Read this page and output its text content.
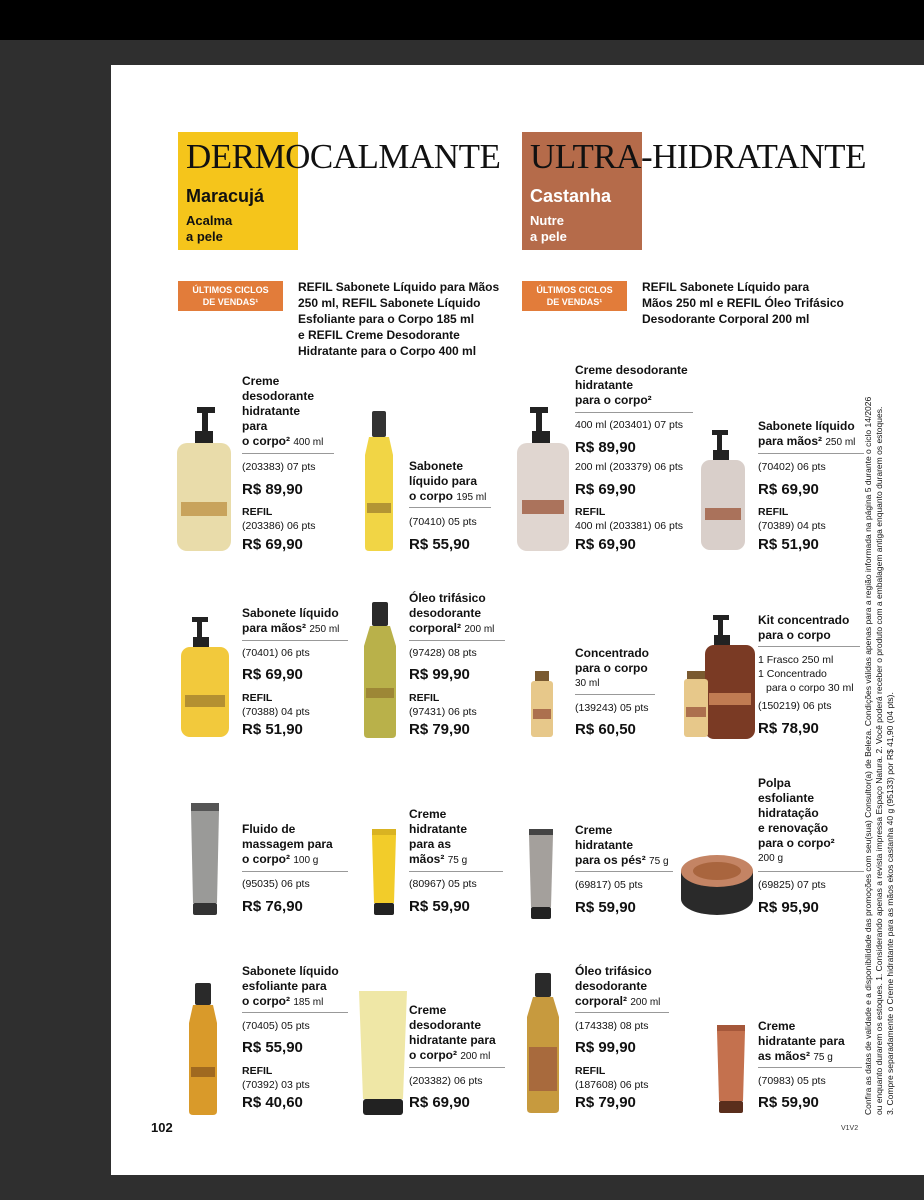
DERMOCALMANTE
Maracujá
Acalma
a pele
ÚLTIMOS CICLOS
DE VENDAS¹
REFIL Sabonete Líquido para Mãos
250 ml, REFIL Sabonete Líquido
Esfoliante para o Corpo 185 ml
e REFIL Creme Desodorante
Hidratante para o Corpo 400 ml
ULTRA-HIDRATANTE
Castanha
Nutre
a pele
ÚLTIMOS CICLOS
DE VENDAS¹
REFIL Sabonete Líquido para
Mãos 250 ml e REFIL Óleo Trifásico
Desodorante Corporal 200 ml
Creme
desodorante
hidratante
para
o corpo² 400 ml
(203383) 07 pts
R$ 89,90
REFIL
(203386) 06 pts
R$ 69,90
Sabonete
líquido para
o corpo 195 ml
(70410) 05 pts
R$ 55,90
Creme desodorante
hidratante
para o corpo²
400 ml (203401) 07 pts
R$ 89,90
200 ml (203379) 06 pts
R$ 69,90
REFIL
400 ml (203381) 06 pts
R$ 69,90
Sabonete líquido
para mãos² 250 ml
(70402) 06 pts
R$ 69,90
REFIL
(70389) 04 pts
R$ 51,90
Sabonete líquido
para mãos² 250 ml
(70401) 06 pts
R$ 69,90
REFIL
(70388) 04 pts
R$ 51,90
Óleo trifásico
desodorante
corporal² 200 ml
(97428) 08 pts
R$ 99,90
REFIL
(97431) 06 pts
R$ 79,90
Concentrado
para o corpo
30 ml
(139243) 05 pts
R$ 60,50
Kit concentrado
para o corpo
1 Frasco 250 ml
1 Concentrado
para o corpo 30 ml
(150219) 06 pts
R$ 78,90
Fluido de
massagem para
o corpo² 100 g
(95035) 06 pts
R$ 76,90
Creme
hidratante
para as
mãos² 75 g
(80967) 05 pts
R$ 59,90
Creme
hidratante
para os pés² 75 g
(69817) 05 pts
R$ 59,90
Polpa
esfoliante
hidratação
e renovação
para o corpo²
200 g
(69825) 07 pts
R$ 95,90
Sabonete líquido
esfoliante para
o corpo² 185 ml
(70405) 05 pts
R$ 55,90
REFIL
(70392) 03 pts
R$ 40,60
Creme
desodorante
hidratante para
o corpo² 200 ml
(203382) 06 pts
R$ 69,90
Óleo trifásico
desodorante
corporal² 200 ml
(174338) 08 pts
R$ 99,90
REFIL
(187608) 06 pts
R$ 79,90
Creme
hidratante para
as mãos² 75 g
(70983) 05 pts
R$ 59,90
102	V1V2
Confira as datas de validade e a disponibilidade das promoções com seu(sua) Consultor(a) de Beleza. Condições válidas apenas para a região informada na página 5 durante o ciclo 14/2026 ou enquanto durarem os estoques. 1. Considerando apenas a revista impressa Espaço Natura. 2. Você poderá receber o produto com a embalagem antiga enquanto durarem os estoques. 3. Compre separadamente o Creme hidratante para as mãos ekos castanha 40 g (95133) por R$ 41,90 (04 pts).
